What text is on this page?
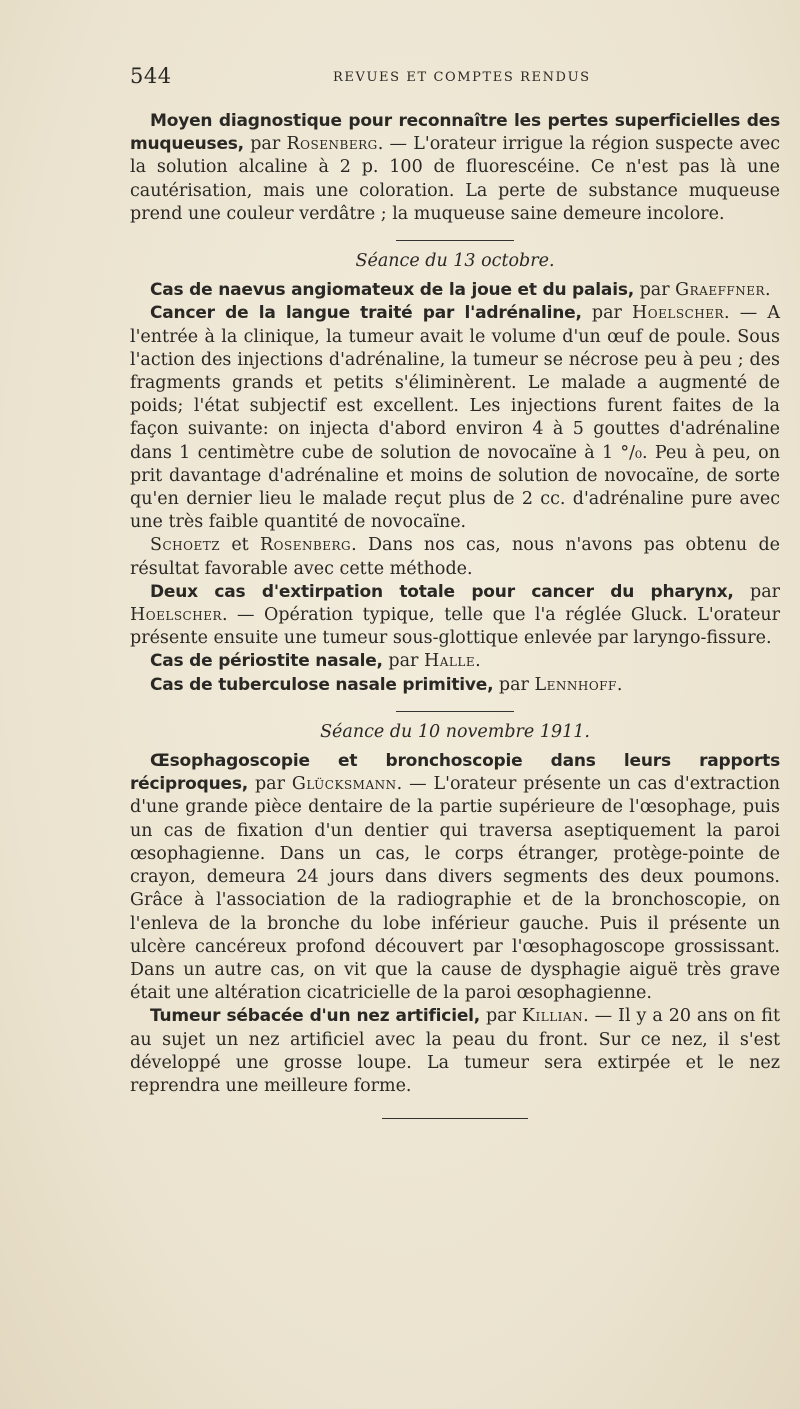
544	REVUES ET COMPTES RENDUS

Moyen diagnostique pour reconnaître les pertes superficielles des muqueuses, par Rosenberg. — L'orateur irrigue la région suspecte avec la solution alcaline à 2 p. 100 de fluorescéine. Ce n'est pas là une cautérisation, mais une coloration. La perte de substance muqueuse prend une couleur verdâtre ; la muqueuse saine demeure incolore.

Séance du 13 octobre.

Cas de naevus angiomateux de la joue et du palais, par Graeffner.

Cancer de la langue traité par l'adrénaline, par Hoelscher. — A l'entrée à la clinique, la tumeur avait le volume d'un œuf de poule. Sous l'action des injections d'adrénaline, la tumeur se nécrose peu à peu ; des fragments grands et petits s'éliminèrent. Le malade a augmenté de poids; l'état subjectif est excellent. Les injections furent faites de la façon suivante: on injecta d'abord environ 4 à 5 gouttes d'adrénaline dans 1 centimètre cube de solution de novocaïne à 1 °/₀. Peu à peu, on prit davantage d'adrénaline et moins de solution de novocaïne, de sorte qu'en dernier lieu le malade reçut plus de 2 cc. d'adrénaline pure avec une très faible quantité de novocaïne.

Schoetz et Rosenberg. Dans nos cas, nous n'avons pas obtenu de résultat favorable avec cette méthode.

Deux cas d'extirpation totale pour cancer du pharynx, par Hoelscher. — Opération typique, telle que l'a réglée Gluck. L'orateur présente ensuite une tumeur sous-glottique enlevée par laryngo-fissure.

Cas de périostite nasale, par Halle.

Cas de tuberculose nasale primitive, par Lennhoff.

Séance du 10 novembre 1911.

Œsophagoscopie et bronchoscopie dans leurs rapports réciproques, par Glücksmann. — L'orateur présente un cas d'extraction d'une grande pièce dentaire de la partie supérieure de l'œsophage, puis un cas de fixation d'un dentier qui traversa aseptiquement la paroi œsophagienne. Dans un cas, le corps étranger, protège-pointe de crayon, demeura 24 jours dans divers segments des deux poumons. Grâce à l'association de la radiographie et de la bronchoscopie, on l'enleva de la bronche du lobe inférieur gauche. Puis il présente un ulcère cancéreux profond découvert par l'œsophagoscope grossissant. Dans un autre cas, on vit que la cause de dysphagie aiguë très grave était une altération cicatricielle de la paroi œsophagienne.

Tumeur sébacée d'un nez artificiel, par Killian. — Il y a 20 ans on fit au sujet un nez artificiel avec la peau du front. Sur ce nez, il s'est développé une grosse loupe. La tumeur sera extirpée et le nez reprendra une meilleure forme.
